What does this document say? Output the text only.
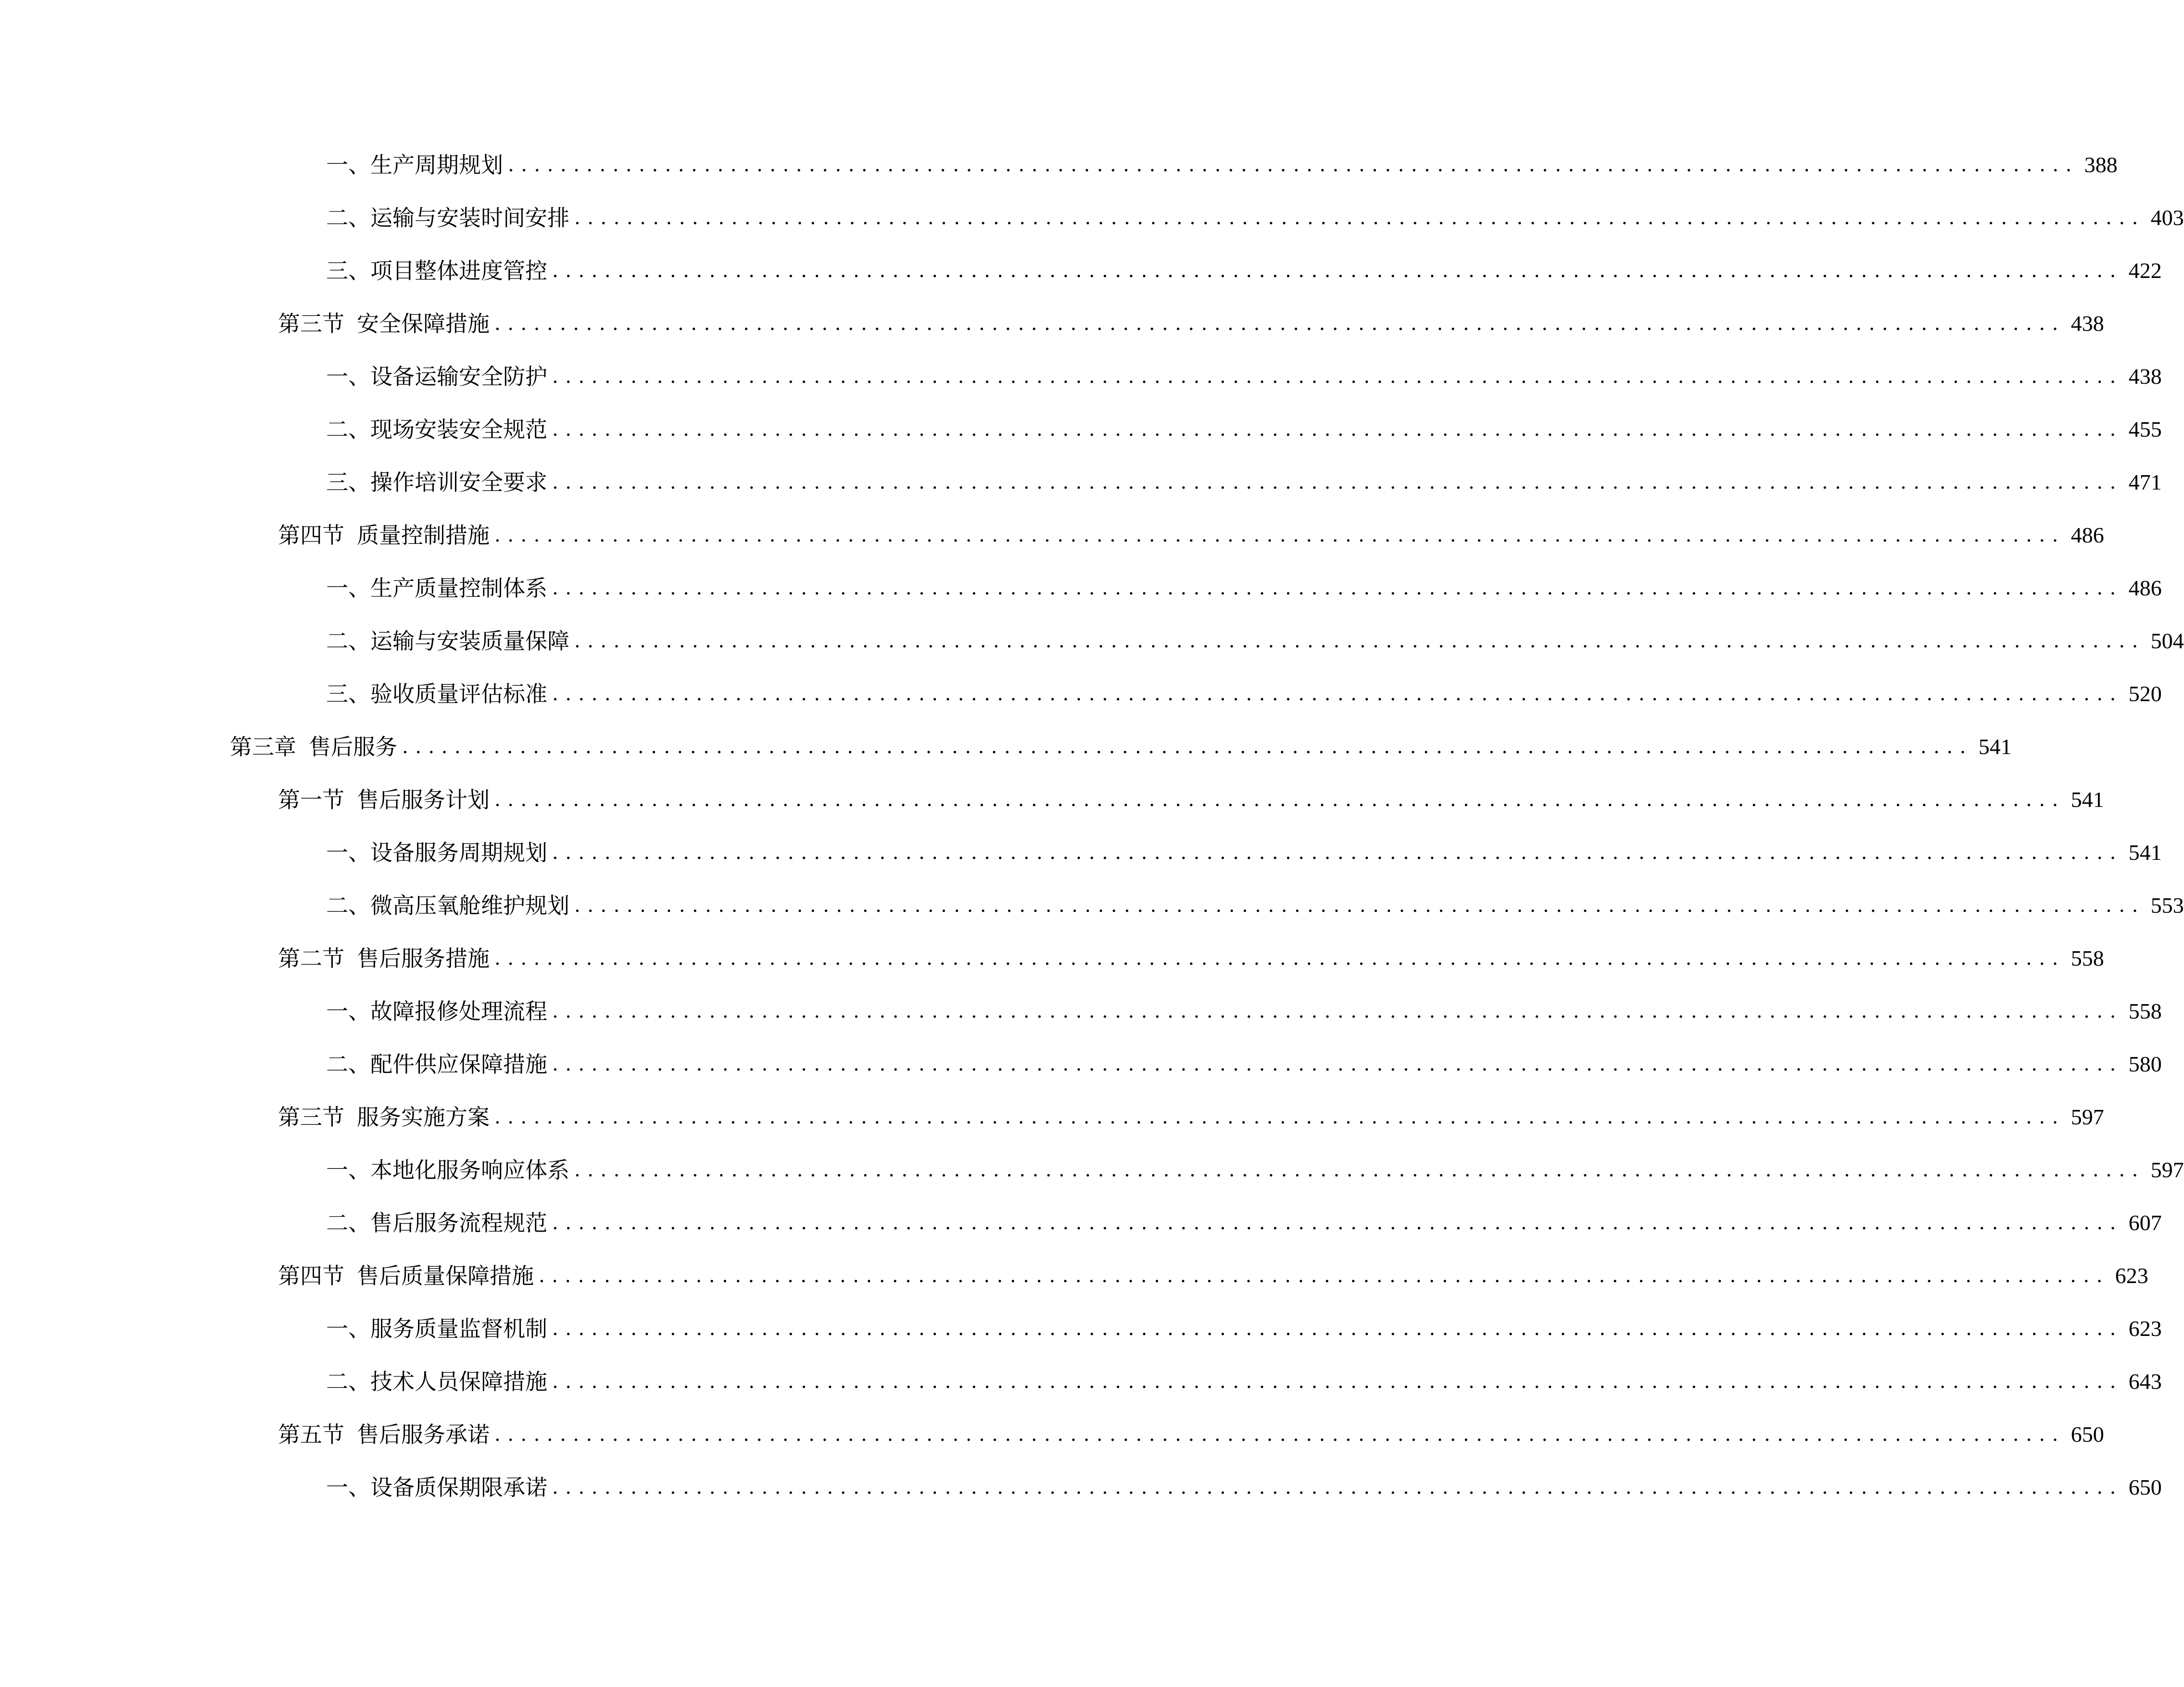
一、 生产周期规划 ........................................................................................................................ 388
二、 运输与安装时间安排 ........................................................................................................................ 403
三、 项目整体进度管控 ........................................................................................................................ 422
第三节 安全保障措施 ........................................................................................................................ 438
一、 设备运输安全防护 ........................................................................................................................ 438
二、 现场安装安全规范 ........................................................................................................................ 455
三、 操作培训安全要求 ........................................................................................................................ 471
第四节 质量控制措施 ........................................................................................................................ 486
一、 生产质量控制体系 ........................................................................................................................ 486
二、 运输与安装质量保障 ........................................................................................................................ 504
三、 验收质量评估标准 ........................................................................................................................ 520
第三章 售后服务 ........................................................................................................................ 541
第一节 售后服务计划 ........................................................................................................................ 541
一、 设备服务周期规划 ........................................................................................................................ 541
二、 微高压氧舱维护规划 ........................................................................................................................ 553
第二节 售后服务措施 ........................................................................................................................ 558
一、 故障报修处理流程 ........................................................................................................................ 558
二、 配件供应保障措施 ........................................................................................................................ 580
第三节 服务实施方案 ........................................................................................................................ 597
一、 本地化服务响应体系 ........................................................................................................................ 597
二、 售后服务流程规范 ........................................................................................................................ 607
第四节 售后质量保障措施 ........................................................................................................................ 623
一、 服务质量监督机制 ........................................................................................................................ 623
二、 技术人员保障措施 ........................................................................................................................ 643
第五节 售后服务承诺 ........................................................................................................................ 650
一、 设备质保期限承诺 ........................................................................................................................ 650
